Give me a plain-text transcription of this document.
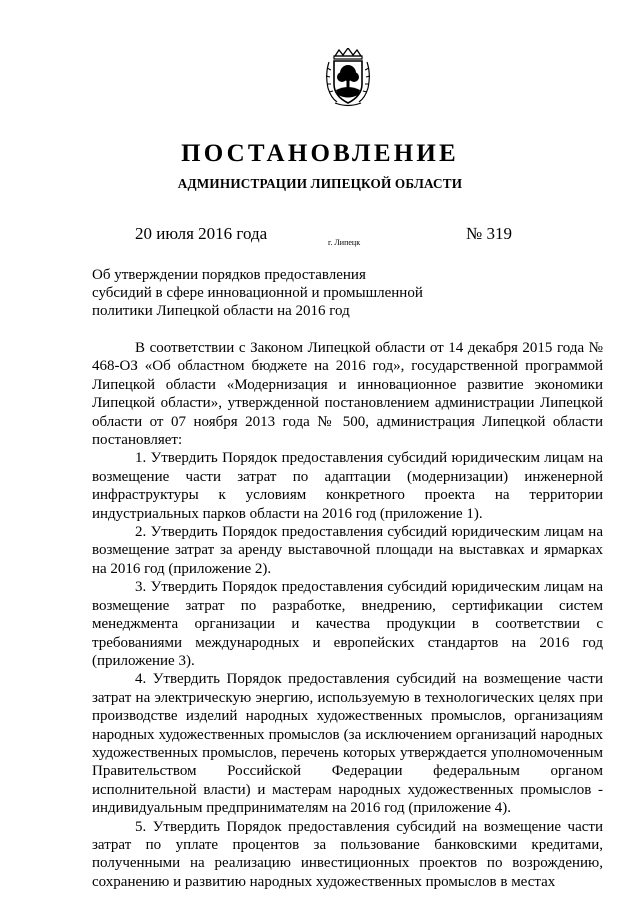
ПОСТАНОВЛЕНИЕ
АДМИНИСТРАЦИИ ЛИПЕЦКОЙ ОБЛАСТИ
20 июля 2016 года	г. Липецк	№ 319
Об утверждении порядков предоставления
субсидий в сфере инновационной и промышленной
политики Липецкой области на 2016 год

В соответствии с Законом Липецкой области от 14 декабря 2015 года № 468-ОЗ «Об областном бюджете на 2016 год», государственной программой Липецкой области «Модернизация и инновационное развитие экономики Липецкой области», утвержденной постановлением администрации Липецкой области от 07 ноября 2013 года № 500, администрация Липецкой области постановляет:

1. Утвердить Порядок предоставления субсидий юридическим лицам на возмещение части затрат по адаптации (модернизации) инженерной инфраструктуры к условиям конкретного проекта на территории индустриальных парков области на 2016 год (приложение 1).

2. Утвердить Порядок предоставления субсидий юридическим лицам на возмещение затрат за аренду выставочной площади на выставках и ярмарках на 2016 год (приложение 2).

3. Утвердить Порядок предоставления субсидий юридическим лицам на возмещение затрат по разработке, внедрению, сертификации систем менеджмента организации и качества продукции в соответствии с требованиями международных и европейских стандартов на 2016 год (приложение 3).

4. Утвердить Порядок предоставления субсидий на возмещение части затрат на электрическую энергию, используемую в технологических целях при производстве изделий народных художественных промыслов, организациям народных художественных промыслов (за исключением организаций народных художественных промыслов, перечень которых утверждается уполномоченным Правительством Российской Федерации федеральным органом исполнительной власти) и мастерам народных художественных промыслов - индивидуальным предпринимателям на 2016 год (приложение 4).

5. Утвердить Порядок предоставления субсидий на возмещение части затрат по уплате процентов за пользование банковскими кредитами, полученными на реализацию инвестиционных проектов по возрождению, сохранению и развитию народных художественных промыслов в местах
